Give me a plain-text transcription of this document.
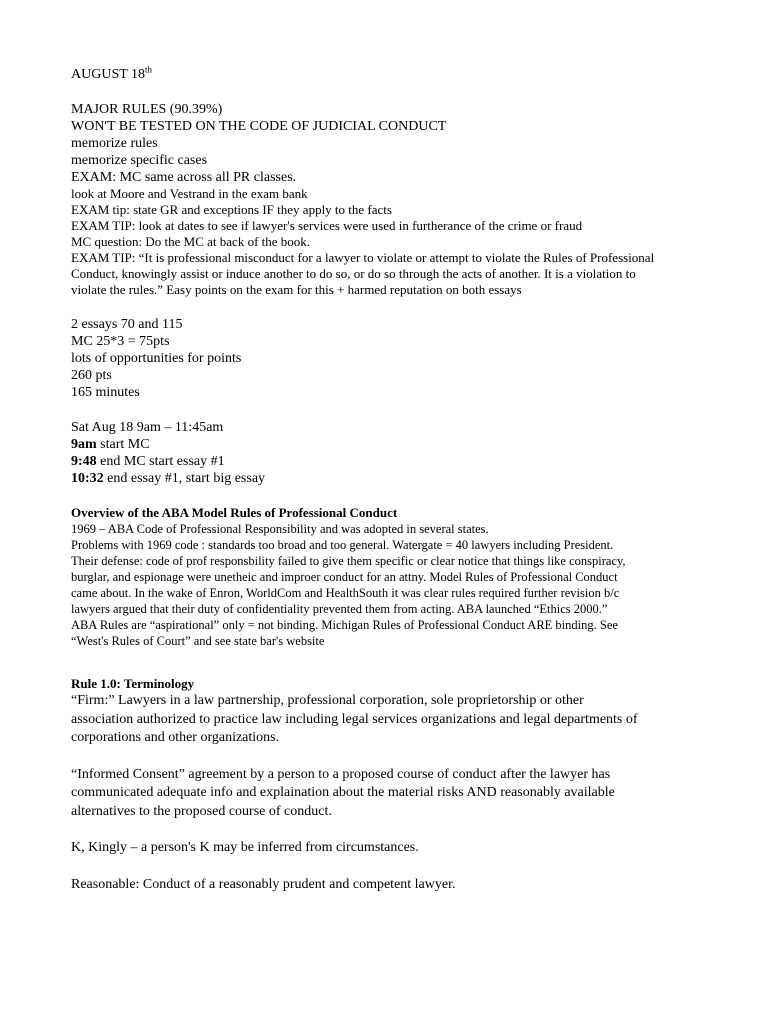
AUGUST 18th
MAJOR RULES (90.39%)
WON'T BE TESTED ON THE CODE OF JUDICIAL CONDUCT
memorize rules
memorize specific cases
EXAM: MC same across all PR classes.
look at Moore and Vestrand in the exam bank
EXAM tip: state GR and exceptions IF they apply to the facts
EXAM TIP: look at dates to see if lawyer's services were used in furtherance of the crime or fraud
MC question: Do the MC at back of the book.
EXAM TIP: “It is professional misconduct for a lawyer to violate or attempt to violate the Rules of Professional
Conduct, knowingly assist or induce another to do so, or do so through the acts of another. It is a violation to
violate the rules.” Easy points on the exam for this + harmed reputation on both essays
2 essays 70 and 115
MC 25*3 = 75pts
lots of opportunities for points
260 pts
165 minutes
Sat Aug 18 9am – 11:45am
9am start MC
9:48 end MC start essay #1
10:32 end essay #1, start big essay
Overview of the ABA Model Rules of Professional Conduct
1969 – ABA Code of Professional Responsibility and was adopted in several states.
Problems with 1969 code : standards too broad and too general. Watergate = 40 lawyers including President.
Their defense: code of prof responsbility failed to give them specific or clear notice that things like conspiracy,
burglar, and espionage were unetheic and improer conduct for an attny. Model Rules of Professional Conduct
came about. In the wake of Enron, WorldCom and HealthSouth it was clear rules required further revision b/c
lawyers argued that their duty of confidentiality prevented them from acting. ABA launched “Ethics 2000.”
ABA Rules are “aspirational” only = not binding. Michigan Rules of Professional Conduct ARE binding. See
“West's Rules of Court” and see state bar's website
Rule 1.0: Terminology
“Firm:” Lawyers in a law partnership, professional corporation, sole proprietorship or other
association authorized to practice law including legal services organizations and legal departments of
corporations and other organizations.
“Informed Consent” agreement by a person to a proposed course of conduct after the lawyer has
communicated adequate info and explaination about the material risks AND reasonably available
alternatives to the proposed course of conduct.
K, Kingly – a person's K may be inferred from circumstances.
Reasonable: Conduct of a reasonably prudent and competent lawyer.
